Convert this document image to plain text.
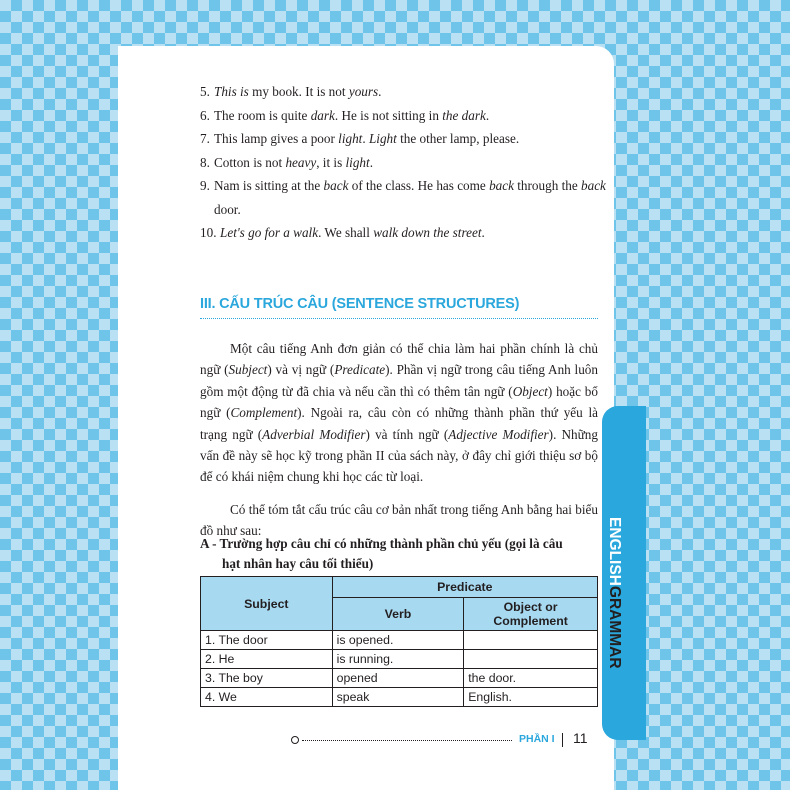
5. This is my book. It is not yours.
6. The room is quite dark. He is not sitting in the dark.
7. This lamp gives a poor light. Light the other lamp, please.
8. Cotton is not heavy, it is light.
9. Nam is sitting at the back of the class. He has come back through the back door.
10. Let's go for a walk. We shall walk down the street.
III. CẤU TRÚC CÂU (SENTENCE STRUCTURES)
Một câu tiếng Anh đơn giản có thể chia làm hai phần chính là chủ ngữ (Subject) và vị ngữ (Predicate). Phần vị ngữ trong câu tiếng Anh luôn gồm một động từ đã chia và nếu cần thì có thêm tân ngữ (Object) hoặc bổ ngữ (Complement). Ngoài ra, câu còn có những thành phần thứ yếu là trạng ngữ (Adverbial Modifier) và tính ngữ (Adjective Modifier). Những vấn đề này sẽ học kỹ trong phần II của sách này, ở đây chỉ giới thiệu sơ bộ để có khái niệm chung khi học các từ loại.
Có thể tóm tắt cấu trúc câu cơ bản nhất trong tiếng Anh bằng hai biểu đồ như sau:
A - Trường hợp câu chỉ có những thành phần chủ yếu (gọi là câu
hạt nhân hay câu tối thiểu)
Subject	Predicate	
	Verb	Object or
Complement
1. The door	is opened.	
2. He	is running.	
3. The boy	opened	the door.
4. We	speak	English.
ENGLISHGRAMMAR
PHẦN I 11
